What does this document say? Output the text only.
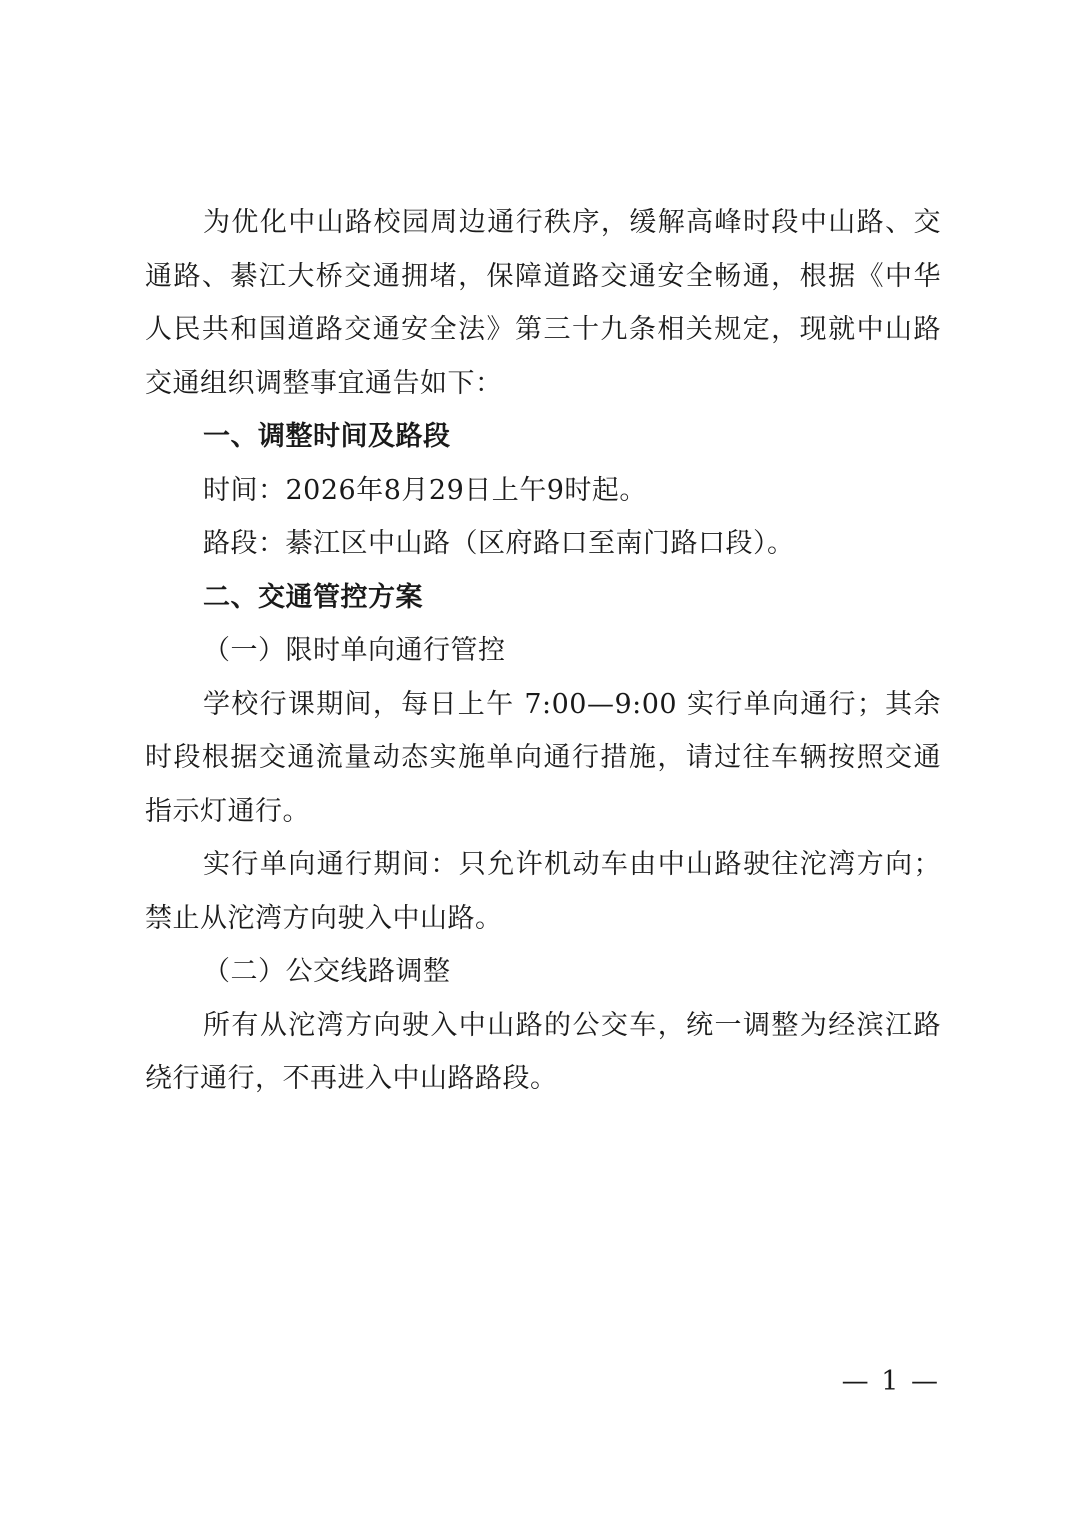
为优化中山路校园周边通行秩序，缓解高峰时段中山路、交通路、綦江大桥交通拥堵，保障道路交通安全畅通，根据《中华人民共和国道路交通安全法》第三十九条相关规定，现就中山路交通组织调整事宜通告如下：

一、调整时间及路段

时间：2026年8月29日上午9时起。

路段：綦江区中山路（区府路口至南门路口段）。

二、交通管控方案

（一）限时单向通行管控

学校行课期间，每日上午 7:00—9:00 实行单向通行；其余时段根据交通流量动态实施单向通行措施，请过往车辆按照交通指示灯通行。

实行单向通行期间：只允许机动车由中山路驶往沱湾方向；禁止从沱湾方向驶入中山路。

（二）公交线路调整

所有从沱湾方向驶入中山路的公交车，统一调整为经滨江路绕行通行，不再进入中山路路段。

— 1 —
